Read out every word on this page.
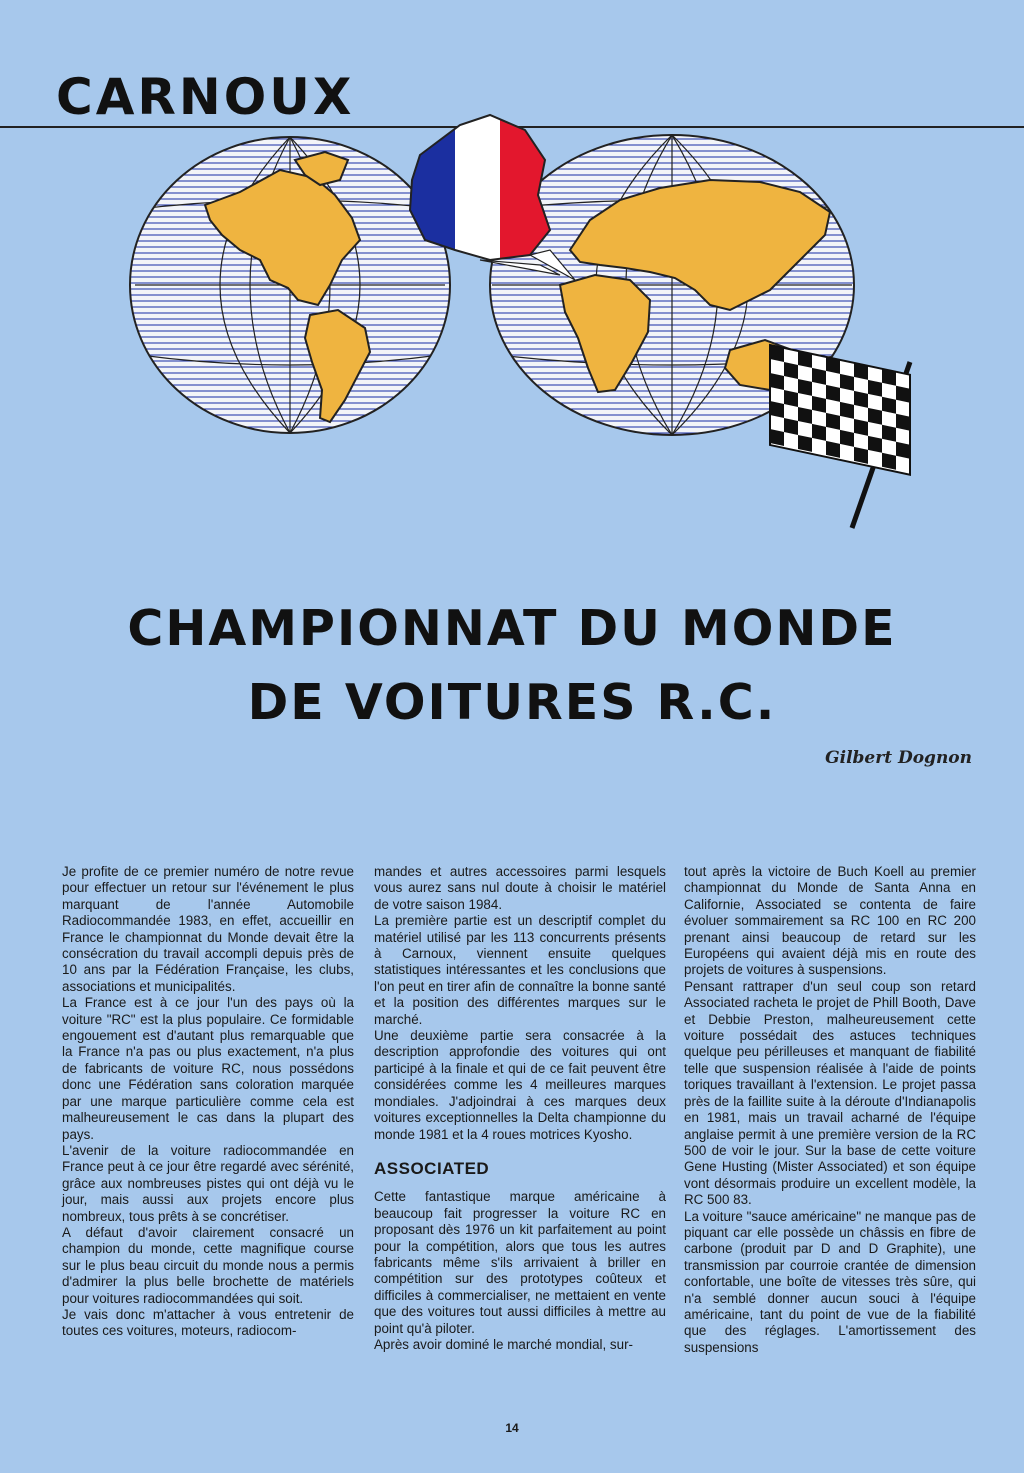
CARNOUX
CHAMPIONNAT DU MONDE
DE VOITURES R.C.

Gilbert Dognon

Je profite de ce premier numéro de notre revue pour effectuer un retour sur l'événement le plus marquant de l'année Automobile Radiocommandée 1983, en effet, accueillir en France le championnat du Monde devait être la consécration du travail accompli depuis près de 10 ans par la Fédération Française, les clubs, associations et municipalités.

La France est à ce jour l'un des pays où la voiture "RC" est la plus populaire. Ce formidable engouement est d'autant plus remarquable que la France n'a pas ou plus exactement, n'a plus de fabricants de voiture RC, nous possédons donc une Fédération sans coloration marquée par une marque particulière comme cela est malheureusement le cas dans la plupart des pays.

L'avenir de la voiture radiocommandée en France peut à ce jour être regardé avec sérénité, grâce aux nombreuses pistes qui ont déjà vu le jour, mais aussi aux projets encore plus nombreux, tous prêts à se concrétiser.

A défaut d'avoir clairement consacré un champion du monde, cette magnifique course sur le plus beau circuit du monde nous a permis d'admirer la plus belle brochette de matériels pour voitures radiocommandées qui soit.

Je vais donc m'attacher à vous entretenir de toutes ces voitures, moteurs, radiocom-

mandes et autres accessoires parmi lesquels vous aurez sans nul doute à choisir le matériel de votre saison 1984.

La première partie est un descriptif complet du matériel utilisé par les 113 concurrents présents à Carnoux, viennent ensuite quelques statistiques intéressantes et les conclusions que l'on peut en tirer afin de connaître la bonne santé et la position des différentes marques sur le marché.

Une deuxième partie sera consacrée à la description approfondie des voitures qui ont participé à la finale et qui de ce fait peuvent être considérées comme les 4 meilleures marques mondiales. J'adjoindrai à ces marques deux voitures exceptionnelles la Delta championne du monde 1981 et la 4 roues motrices Kyosho.

ASSOCIATED

Cette fantastique marque américaine à beaucoup fait progresser la voiture RC en proposant dès 1976 un kit parfaitement au point pour la compétition, alors que tous les autres fabricants même s'ils arrivaient à briller en compétition sur des prototypes coûteux et difficiles à commercialiser, ne mettaient en vente que des voitures tout aussi difficiles à mettre au point qu'à piloter.

Après avoir dominé le marché mondial, sur-

tout après la victoire de Buch Koell au premier championnat du Monde de Santa Anna en Californie, Associated se contenta de faire évoluer sommairement sa RC 100 en RC 200 prenant ainsi beaucoup de retard sur les Européens qui avaient déjà mis en route des projets de voitures à suspensions.

Pensant rattraper d'un seul coup son retard Associated racheta le projet de Phill Booth, Dave et Debbie Preston, malheureusement cette voiture possédait des astuces techniques quelque peu périlleuses et manquant de fiabilité telle que suspension réalisée à l'aide de points toriques travaillant à l'extension. Le projet passa près de la faillite suite à la déroute d'Indianapolis en 1981, mais un travail acharné de l'équipe anglaise permit à une première version de la RC 500 de voir le jour. Sur la base de cette voiture Gene Husting (Mister Associated) et son équipe vont désormais produire un excellent modèle, la RC 500 83.

La voiture "sauce américaine" ne manque pas de piquant car elle possède un châssis en fibre de carbone (produit par D and D Graphite), une transmission par courroie crantée de dimension confortable, une boîte de vitesses très sûre, qui n'a semblé donner aucun souci à l'équipe américaine, tant du point de vue de la fiabilité que des réglages. L'amortissement des suspensions

14
